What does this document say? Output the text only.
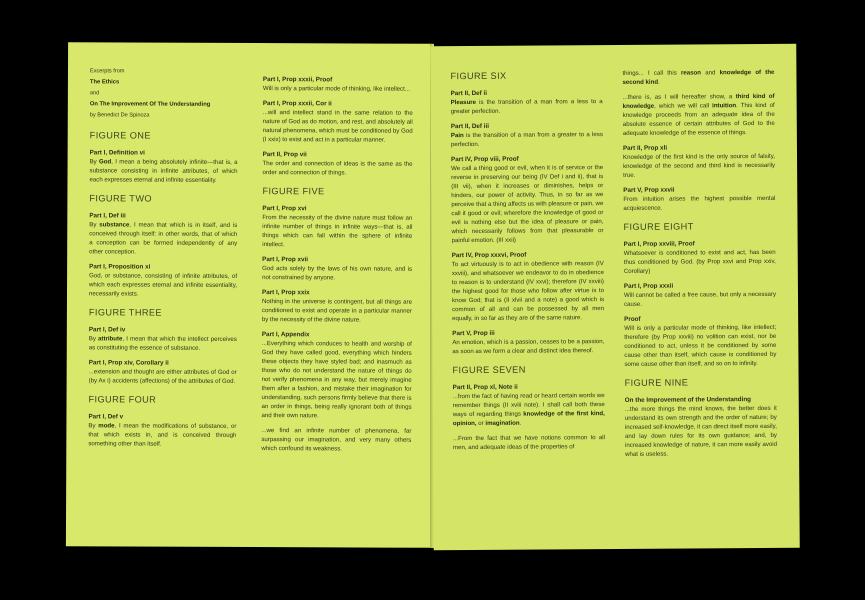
Excerpts from
The Ethics
and
On The Improvement Of The Understanding
by Benedict De Spinoza
FIGURE ONE
Part I, Definition vi

By God, I mean a being absolutely infinite—that is, a substance consisting in infinite attributes, of which each expresses eternal and infinite essentiality.

FIGURE TWO
Part I, Def iii

By substance, I mean that which is in itself, and is conceived through itself: in other words, that of which a conception can be formed independently of any other conception.

Part I, Proposition xi

God, or substance, consisting of infinite attributes, of which each expresses eternal and infinite essentiality, necessarily exists.

FIGURE THREE
Part I, Def iv

By attribute, I mean that which the intellect perceives as constituting the essence of substance.

Part I, Prop xiv, Corollary ii

...extension and thought are either attributes of God or (by Ax i) accidents (affections) of the attributes of God.

FIGURE FOUR
Part I, Def v

By mode, I mean the modifications of substance, or that which exists in, and is conceived through something other than itself.

Part I, Prop xxxii, Proof

Will is only a particular mode of thinking, like intellect...

Part I, Prop xxxii, Cor ii

...will and intellect stand in the same relation to the nature of God as do motion, and rest, and absolutely all natural phenomena, which must be conditioned by God (I xxix) to exist and act in a particular manner.

Part II, Prop vii

The order and connection of ideas is the same as the order and connection of things.

FIGURE FIVE
Part I, Prop xvi

From the necessity of the divine nature must follow an infinite number of things in infinite ways—that is, all things which can fall within the sphere of infinite intellect.

Part I, Prop xvii

God acts solely by the laws of his own nature, and is not constrained by anyone.

Part I, Prop xxix

Nothing in the universe is contingent, but all things are conditioned to exist and operate in a particular manner by the necessity of the divine nature.

Part I, Appendix

...Everything which conduces to health and worship of God they have called good, everything which hinders these objects they have styled bad; and inasmuch as those who do not understand the nature of things do not verify phenomena in any way, but merely imagine them after a fashion, and mistake their imagination for understanding, such persons firmly believe that there is an order in things, being really ignorant both of things and their own nature.

...we find an infinite number of phenomena, far surpassing our imagination, and very many others which confound its weakness.

FIGURE SIX
Part II, Def ii

Pleasure is the transition of a man from a less to a greater perfection.

Part II, Def iii

Pain is the transition of a man from a greater to a less perfection.

Part IV, Prop viii, Proof

We call a thing good or evil, when it is of service or the reverse in preserving our being (IV Def i and ii), that is (III vii), when it increases or diminishes, helps or hinders, our power of activity. Thus, in so far as we perceive that a thing affects us with pleasure or pain, we call it good or evil; wherefore the knowledge of good or evil is nothing else but the idea of pleasure or pain, which necessarily follows from that pleasurable or painful emotion. (III xxii)

Part IV, Prop xxxvi, Proof

To act virtuously is to act in obedience with reason (IV xxviii), and whatsoever we endeavor to do in obedience to reason is to understand (IV xxvi); therefore (IV xxviii) the highest good for those who follow after virtue is to know God; that is (II xlvii and a note) a good which is common of all and can be possessed by all men equally, in so far as they are of the same nature.

Part V, Prop iii

An emotion, which is a passion, ceases to be a passion, as soon as we form a clear and distinct idea thereof.

FIGURE SEVEN
Part II, Prop xl, Note ii

...from the fact of having read or heard certain words we remember things (II xviii note). I shall call both these ways of regarding things knowledge of the first kind, opinion, or imagination.

...From the fact that we have notions common to all men, and adequate ideas of the properties of

things... I call this reason and knowledge of the second kind.

...there is, as I will hereafter show, a third kind of knowledge, which we will call intuition. This kind of knowledge proceeds from an adequate idea of the absolute essence of certain attributes of God to the adequate knowledge of the essence of things.

Part II, Prop xli

Knowledge of the first kind is the only source of falsity, knowledge of the second and third kind is necessarily true.

Part V, Prop xxvii

From intuition arises the highest possible mental acquiescence.

FIGURE EIGHT
Part I, Prop xxviii, Proof

Whatsoever is conditioned to exist and act, has been thus conditioned by God. (by Prop xxvi and Prop xxiv, Corollary)

Part I, Prop xxxii

Will cannot be called a free cause, but only a necessary cause.

Proof

Will is only a particular mode of thinking, like intellect; therefore (by Prop xxviii) no volition can exist, nor be conditioned to act, unless it be conditioned by some cause other than itself, which cause is conditioned by some cause other than itself, and so on to infinity.

FIGURE NINE
On the Improvement of the Understanding

...the more things the mind knows, the better does it understand its own strength and the order of nature; by increased self-knowledge, it can direct itself more easily, and lay down rules for its own guidance; and, by increased knowledge of nature, it can more easily avoid what is useless.
